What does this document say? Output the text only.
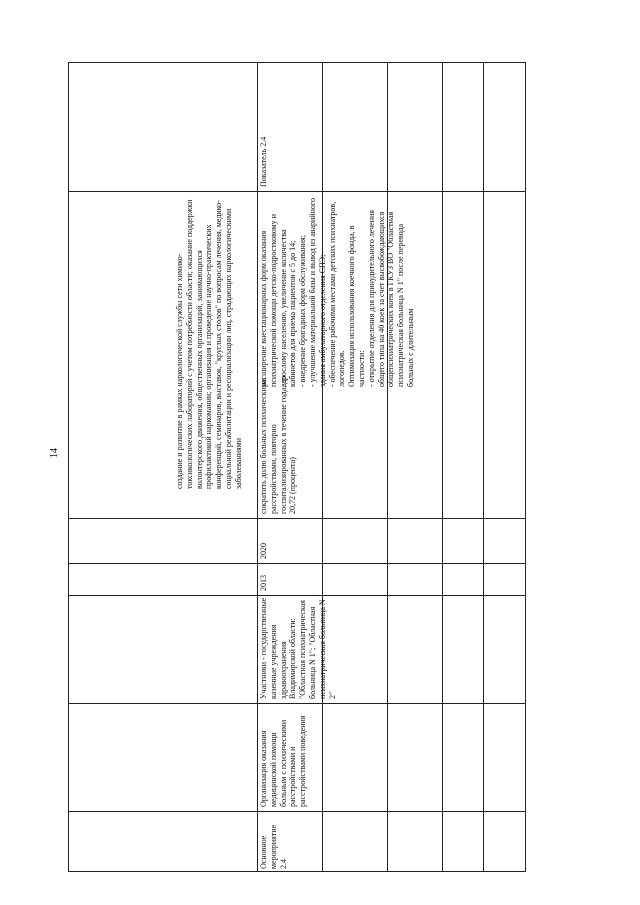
14	создание и развитие в рамках наркологической службы сети химико-токсикологических лабораторий с учетом потребности области; оказание поддержки волонтерского движения, общественных организаций, занимающихся профилактикой наркомании; организация и проведение научно-практических конференций, семинаров, выставок, "круглых столов" по вопросам лечения, медико-социальной реабилитации и ресоциализации лиц, страдающих наркологическими заболеваниями
Основное мероприятие 2.4
Организация оказания медицинской помощи больным с психическими расстройствами и расстройствами поведения
Участники - государственные казенные учреждения здравоохранения Владимирской области: "Областная психиатрическая больница N 1"; "Областная психиатрическая больница N 2"
2013
2020
сократить долю больных психическими расстройствами, повторно госпитализированных в течение года, до 20,72 (процента)
расширение внестационарных форм оказания психиатрической помощи детско-подростковому и взрослому населению, увеличение количества кабинетов для приема пациентов с 5 до 14;
- внедрение бригадных форм обслуживания;
- улучшение материальной базы и вывод из аварийного здания амбулаторного отделения СПЭ;
- обеспечение рабочими местами детских психиатров, логопедов.
Оптимизация использования коечного фонда, в частности:
- открытие отделения для принудительного лечения общего типа на 40 коек за счет высвобождающихся общепсихиатрических коек в ГКУЗ ВО "Областная психиатрическая больница N 1" после перевода больных с длительным
Показатель 2.4
